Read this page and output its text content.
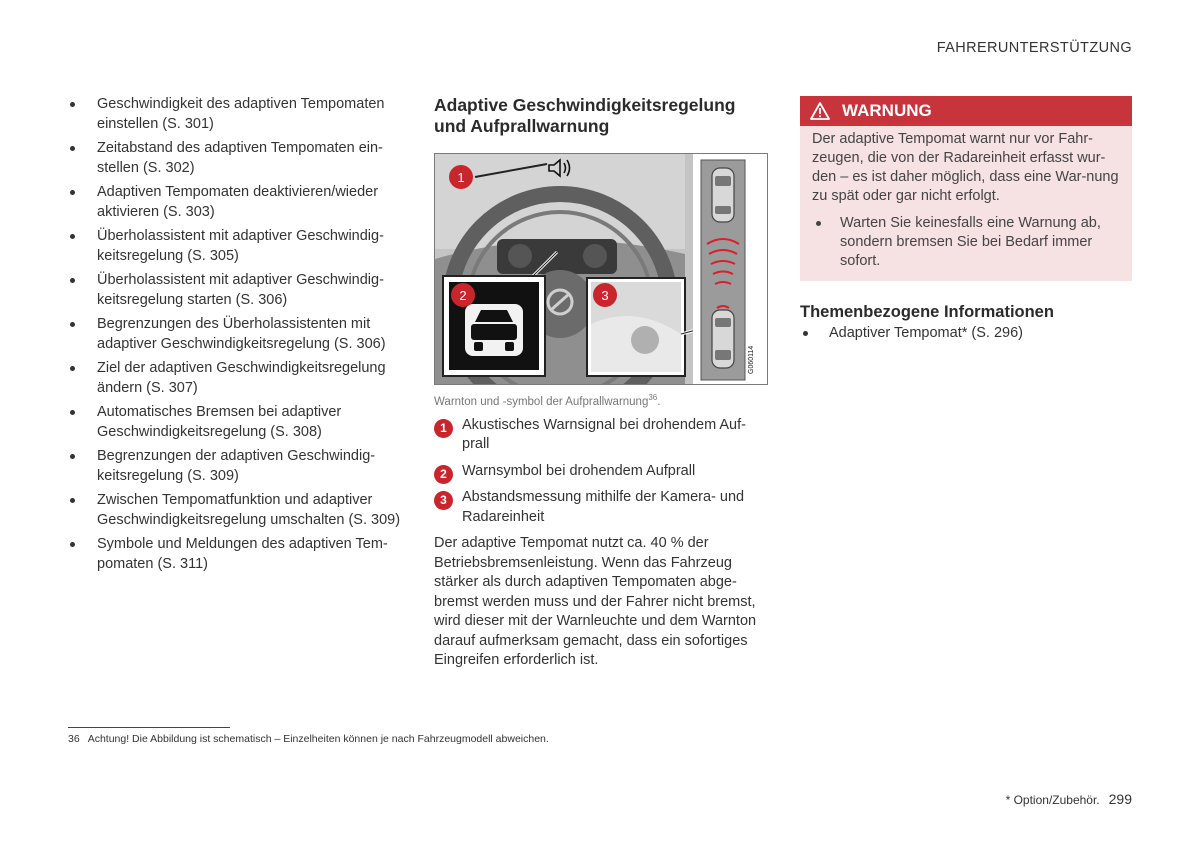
FAHRERUNTERSTÜTZUNG
Geschwindigkeit des adaptiven Tempomaten einstellen (S. 301)
Zeitabstand des adaptiven Tempomaten ein-stellen (S. 302)
Adaptiven Tempomaten deaktivieren/wieder aktivieren (S. 303)
Überholassistent mit adaptiver Geschwindig-keitsregelung (S. 305)
Überholassistent mit adaptiver Geschwindig-keitsregelung starten (S. 306)
Begrenzungen des Überholassistenten mit adaptiver Geschwindigkeitsregelung (S. 306)
Ziel der adaptiven Geschwindigkeitsregelung ändern (S. 307)
Automatisches Bremsen bei adaptiver Geschwindigkeitsregelung (S. 308)
Begrenzungen der adaptiven Geschwindig-keitsregelung (S. 309)
Zwischen Tempomatfunktion und adaptiver Geschwindigkeitsregelung umschalten (S. 309)
Symbole und Meldungen des adaptiven Tem-pomaten (S. 311)
Adaptive Geschwindigkeitsregelung und Aufprallwarnung
1
2	3
G060114
Warnton und -symbol der Aufprallwarnung$^{36}$.
1	Akustisches Warnsignal bei drohendem Auf-prall
2	Warnsymbol bei drohendem Aufprall
3	Abstandsmessung mithilfe der Kamera- und Radareinheit
Der adaptive Tempomat nutzt ca. 40 % der Betriebsbremsenleistung. Wenn das Fahrzeug stärker als durch adaptiven Tempomaten abge-bremst werden muss und der Fahrer nicht bremst, wird dieser mit der Warnleuchte und dem Warnton darauf aufmerksam gemacht, dass ein sofortiges Eingreifen erforderlich ist.
WARNUNG
Der adaptive Tempomat warnt nur vor Fahr-zeugen, die von der Radareinheit erfasst wur-den – es ist daher möglich, dass eine War-nung zu spät oder gar nicht erfolgt.
Warten Sie keinesfalls eine Warnung ab, sondern bremsen Sie bei Bedarf immer sofort.
Themenbezogene Informationen
Adaptiver Tempomat* (S. 296)
36 Achtung! Die Abbildung ist schematisch – Einzelheiten können je nach Fahrzeugmodell abweichen.
* Option/Zubehör. 299
